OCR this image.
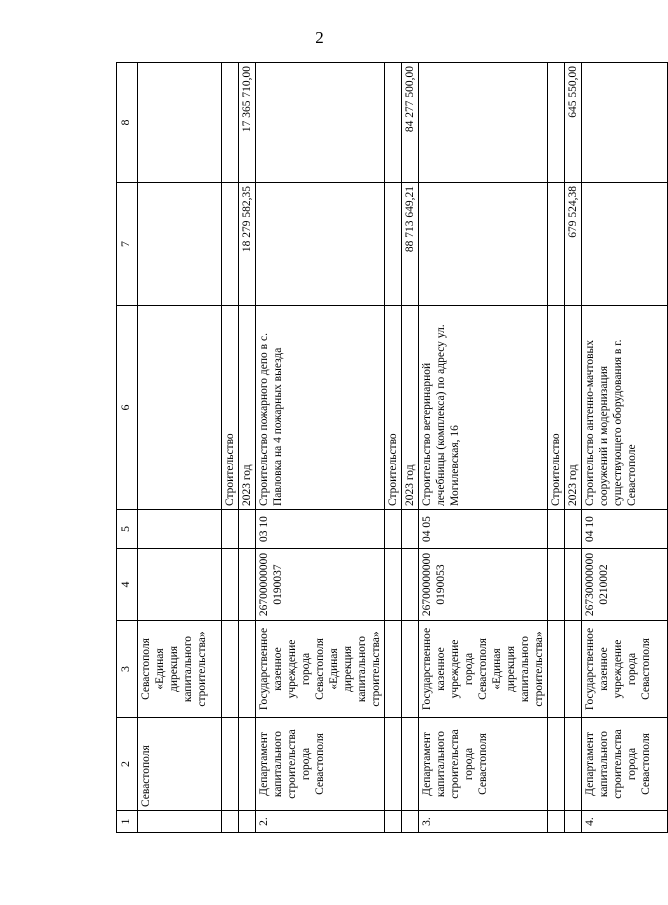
2
1	2	3	4	5	6	7	8
	Севастополя	Севастополя «Единая дирекция капитального строительства»					
					Строительство		
					2023 год	18 279 582,35	17 365 710,00
2.	Департамент капитального строительства города Севастополя	Государственное казенное учреждение города Севастополя «Единая дирекция капитального строительства»	26700000000 0190037	03 10	Строительство пожарного депо в с. Павловка на 4 пожарных выезда		
					Строительство		
					2023 год	88 713 649,21	84 277 500,00
3.	Департамент капитального строительства города Севастополя	Государственное казенное учреждение города Севастополя «Единая дирекция капитального строительства»	26700000000 0190053	04 05	Строительство ветеринарной лечебницы (комплекса) по адресу ул. Могилевская, 16		
					Строительство		
					2023 год	679 524,38	645 550,00
4.	Департамент капитального строительства города Севастополя	Государственное казенное учреждение города Севастополя	26730000000 0210002	04 10	Строительство антенно-мачтовых сооружений и модернизация существующего оборудования в г. Севастополе		
